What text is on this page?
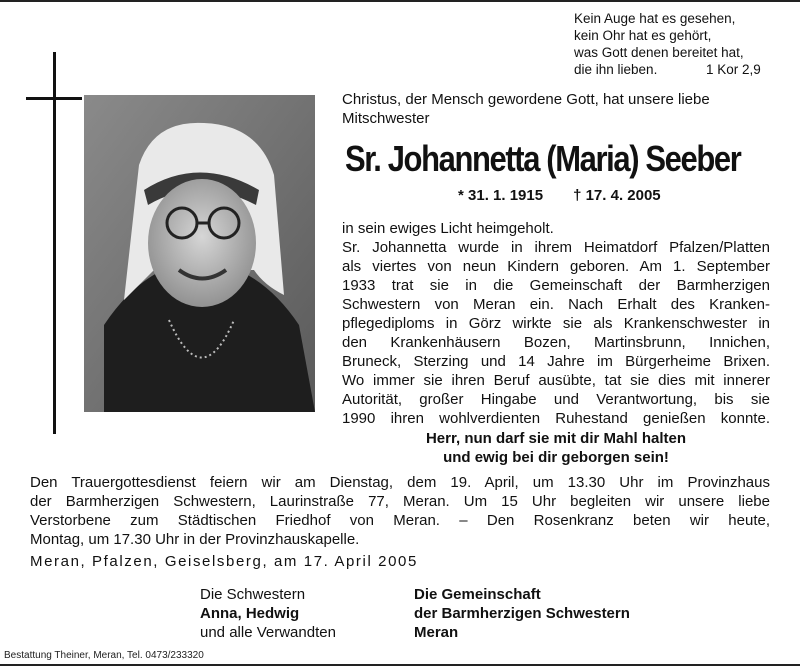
Kein Auge hat es gesehen,
kein Ohr hat es gehört,
was Gott denen bereitet hat,
die ihn lieben.	1 Kor 2,9
Christus, der Mensch gewordene Gott, hat unsere liebe
Mitschwester
Sr. Johannetta (Maria) Seeber
* 31. 1. 1915 † 17. 4. 2005
in sein ewiges Licht heimgeholt.
Sr. Johannetta wurde in ihrem Heimatdorf Pfalzen/Platten
als viertes von neun Kindern geboren. Am 1. September
1933 trat sie in die Gemeinschaft der Barmherzigen
Schwestern von Meran ein. Nach Erhalt des Kranken-
pflegediploms in Görz wirkte sie als Krankenschwester in
den Krankenhäusern Bozen, Martinsbrunn, Innichen,
Bruneck, Sterzing und 14 Jahre im Bürgerheime Brixen.
Wo immer sie ihren Beruf ausübte, tat sie dies mit innerer
Autorität, großer Hingabe und Verantwortung, bis sie
1990 ihren wohlverdienten Ruhestand genießen konnte.
Herr, nun darf sie mit dir Mahl halten
und ewig bei dir geborgen sein!
Den Trauergottesdienst feiern wir am Dienstag, dem 19. April, um 13.30 Uhr im Provinzhaus
der Barmherzigen Schwestern, Laurinstraße 77, Meran. Um 15 Uhr begleiten wir unsere liebe
Verstorbene zum Städtischen Friedhof von Meran. – Den Rosenkranz beten wir heute,
Montag, um 17.30 Uhr in der Provinzhauskapelle.
Meran, Pfalzen, Geiselsberg, am 17. April 2005
Die Schwestern
Anna, Hedwig
und alle Verwandten
Die Gemeinschaft
der Barmherzigen Schwestern
Meran
Bestattung Theiner, Meran, Tel. 0473/233320
